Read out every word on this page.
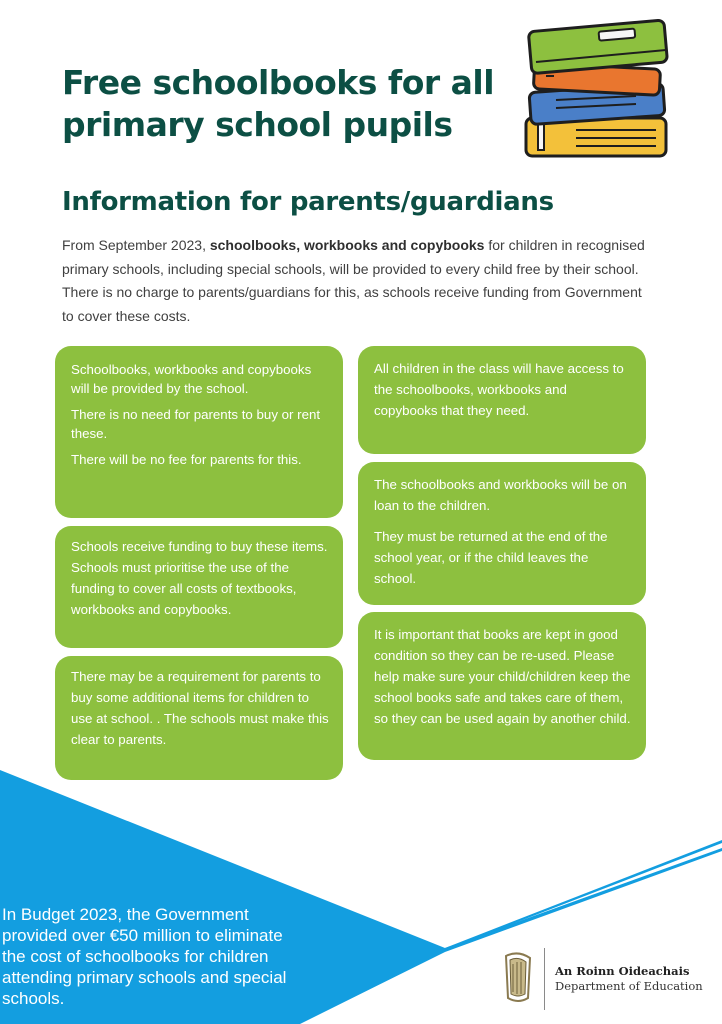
Free schoolbooks for all
primary school pupils
Information for parents/guardians

From September 2023, schoolbooks, workbooks and copybooks for children in recognised primary schools, including special schools, will be provided to every child free by their school. There is no charge to parents/guardians for this, as schools receive funding from Government to cover these costs.

Schoolbooks, workbooks and copybooks will be provided by the school.

There is no need for parents to buy or rent these.

There will be no fee for parents for this.

Schools receive funding to buy these items. Schools must prioritise the use of the funding to cover all costs of textbooks, workbooks and copybooks.

There may be a requirement for parents to buy some additional items for children to use at school. . The schools must make this clear to parents.

All children in the class will have access to the schoolbooks, workbooks and copybooks that they need.

The schoolbooks and workbooks will be on loan to the children.

They must be returned at the end of the school year, or if the child leaves the school.

It is important that books are kept in good condition so they can be re-used. Please help make sure your child/children keep the school books safe and takes care of them, so they can be used again by another child.

In Budget 2023, the Government provided over €50 million to eliminate the cost of schoolbooks for children attending primary schools and special schools.

An Roinn Oideachais
Department of Education
